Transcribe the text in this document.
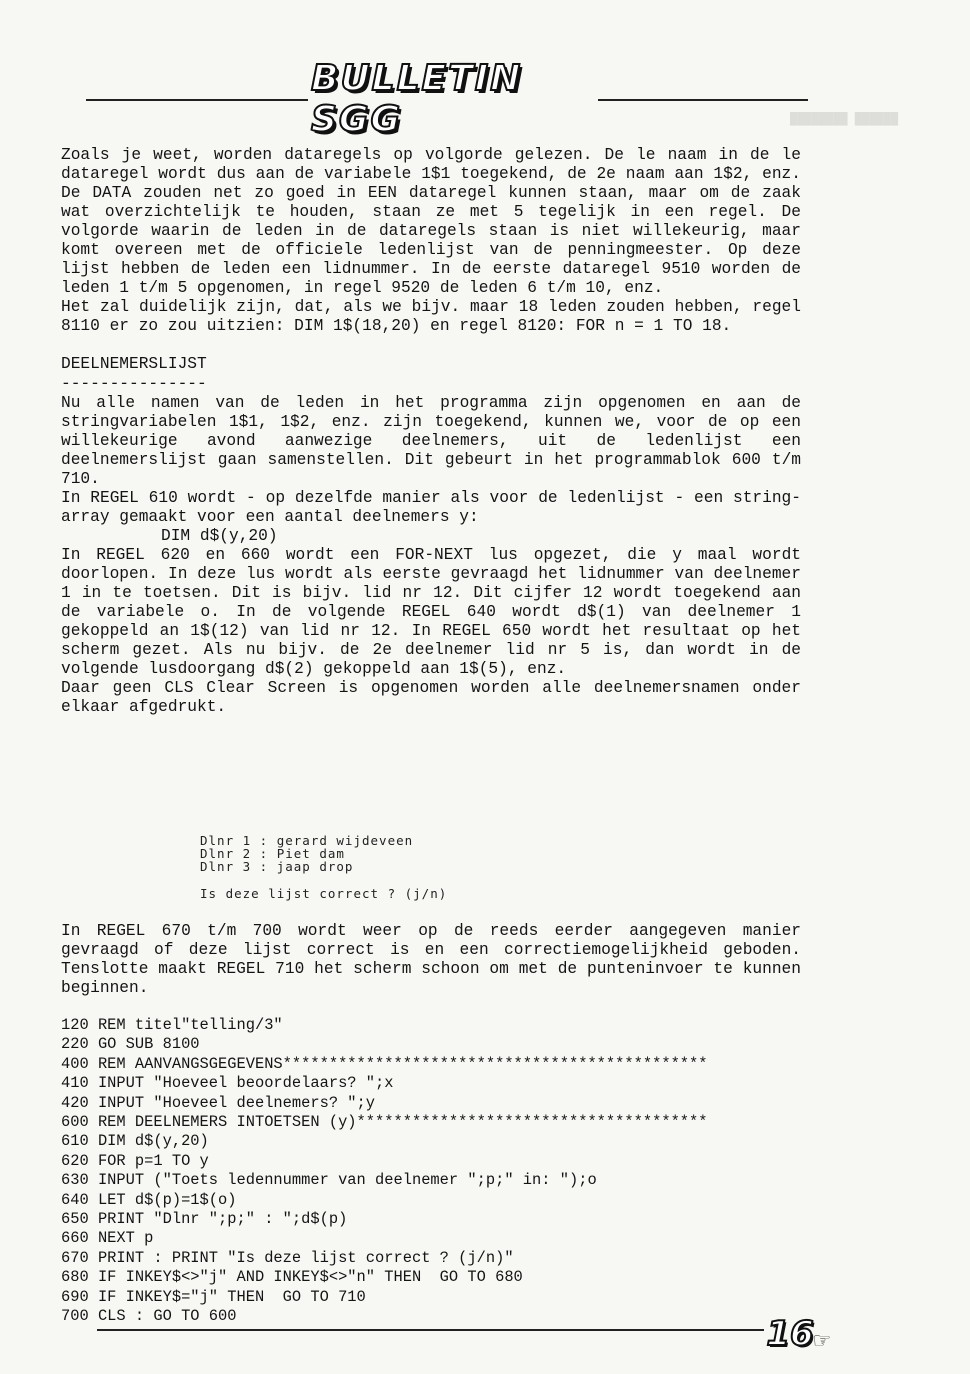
████████ ██████
BULLETIN SGG

Zoals je weet, worden dataregels op volgorde gelezen. De le naam in de le dataregel wordt dus aan de variabele 1$1 toegekend, de 2e naam aan 1$2, enz. De DATA zouden net zo goed in EEN dataregel kunnen staan, maar om de zaak wat overzichtelijk te houden, staan ze met 5 tegelijk in een regel. De volgorde waarin de leden in de dataregels staan is niet willekeurig, maar komt overeen met de officiele ledenlijst van de penningmeester. Op deze lijst hebben de leden een lidnummer. In de eerste dataregel 9510 worden de leden 1 t/m 5 opgenomen, in regel 9520 de leden 6 t/m 10, enz.

Het zal duidelijk zijn, dat, als we bijv. maar 18 leden zouden hebben, regel 8110 er zo zou uitzien: DIM 1$(18,20) en regel 8120: FOR n = 1 TO 18.

DEELNEMERSLIJST

---------------

Nu alle namen van de leden in het programma zijn opgenomen en aan de stringvariabelen 1$1, 1$2, enz. zijn toegekend, kunnen we, voor de op een willekeurige avond aanwezige deelnemers, uit de ledenlijst een deelnemerslijst gaan samenstellen. Dit gebeurt in het programmablok 600 t/m 710.

In REGEL 610 wordt - op dezelfde manier als voor de ledenlijst - een string-array gemaakt voor een aantal deelnemers y:

DIM d$(y,20)

In REGEL 620 en 660 wordt een FOR-NEXT lus opgezet, die y maal wordt doorlopen. In deze lus wordt als eerste gevraagd het lidnummer van deelnemer 1 in te toetsen. Dit is bijv. lid nr 12. Dit cijfer 12 wordt toegekend aan de variabele o. In de volgende REGEL 640 wordt d$(1) van deelnemer 1 gekoppeld an 1$(12) van lid nr 12. In REGEL 650 wordt het resultaat op het scherm gezet. Als nu bijv. de 2e deelnemer lid nr 5 is, dan wordt in de volgende lusdoorgang d$(2) gekoppeld aan 1$(5), enz.

Daar geen CLS Clear Screen is opgenomen worden alle deelnemersnamen onder elkaar afgedrukt.

Dlnr 1 : gerard wijdeveen
Dlnr 2 : Piet dam
Dlnr 3 : jaap drop
Is deze lijst correct ? (j/n)

In REGEL 670 t/m 700 wordt weer op de reeds eerder aangegeven manier gevraagd of deze lijst correct is en een correctiemogelijkheid geboden. Tenslotte maakt REGEL 710 het scherm schoon om met de punteninvoer te kunnen beginnen.

120 REM titel"telling/3"
220 GO SUB 8100
400 REM AANVANGSGEGEVENS**********************************************
410 INPUT "Hoeveel beoordelaars? ";x
420 INPUT "Hoeveel deelnemers? ";y
600 REM DEELNEMERS INTOETSEN (y)**************************************
610 DIM d$(y,20)
620 FOR p=1 TO y
630 INPUT ("Toets ledennummer van deelnemer ";p;" in: ");o
640 LET d$(p)=1$(o)
650 PRINT "Dlnr ";p;" : ";d$(p)
660 NEXT p
670 PRINT : PRINT "Is deze lijst correct ? (j/n)"
680 IF INKEY$<>"j" AND INKEY$<>"n" THEN  GO TO 680
690 IF INKEY$="j" THEN  GO TO 710
700 CLS : GO TO 600	16 ☞
